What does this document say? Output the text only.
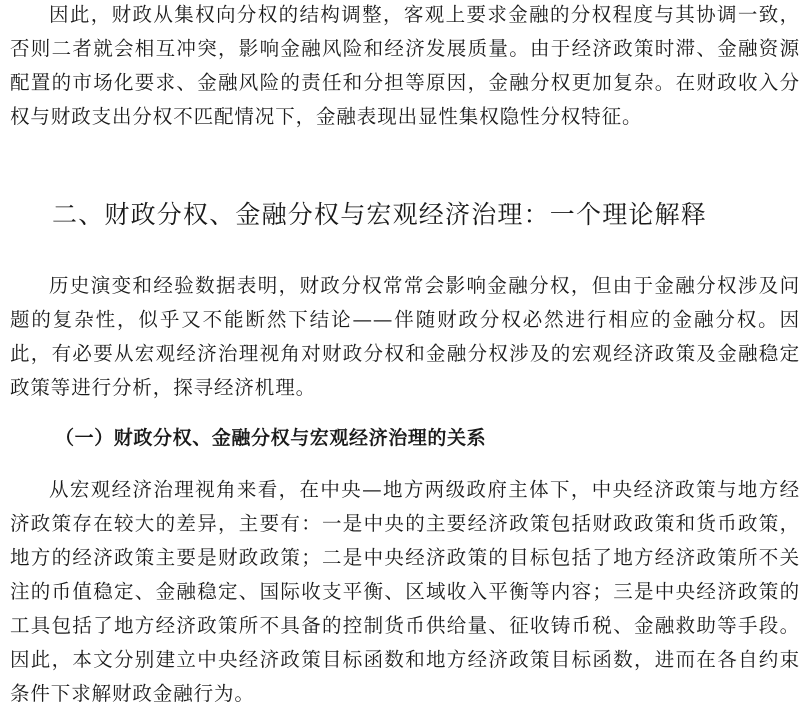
因此，财政从集权向分权的结构调整，客观上要求金融的分权程度与其协调一致，否则二者就会相互冲突，影响金融风险和经济发展质量。由于经济政策时滞、金融资源配置的市场化要求、金融风险的责任和分担等原因，金融分权更加复杂。在财政收入分权与财政支出分权不匹配情况下，金融表现出显性集权隐性分权特征。

二、财政分权、金融分权与宏观经济治理：一个理论解释

历史演变和经验数据表明，财政分权常常会影响金融分权，但由于金融分权涉及问题的复杂性，似乎又不能断然下结论——伴随财政分权必然进行相应的金融分权。因此，有必要从宏观经济治理视角对财政分权和金融分权涉及的宏观经济政策及金融稳定政策等进行分析，探寻经济机理。

（一）财政分权、金融分权与宏观经济治理的关系

从宏观经济治理视角来看，在中央—地方两级政府主体下，中央经济政策与地方经济政策存在较大的差异，主要有：一是中央的主要经济政策包括财政政策和货币政策，地方的经济政策主要是财政政策；二是中央经济政策的目标包括了地方经济政策所不关注的币值稳定、金融稳定、国际收支平衡、区域收入平衡等内容；三是中央经济政策的工具包括了地方经济政策所不具备的控制货币供给量、征收铸币税、金融救助等手段。因此，本文分别建立中央经济政策目标函数和地方经济政策目标函数，进而在各自约束条件下求解财政金融行为。
